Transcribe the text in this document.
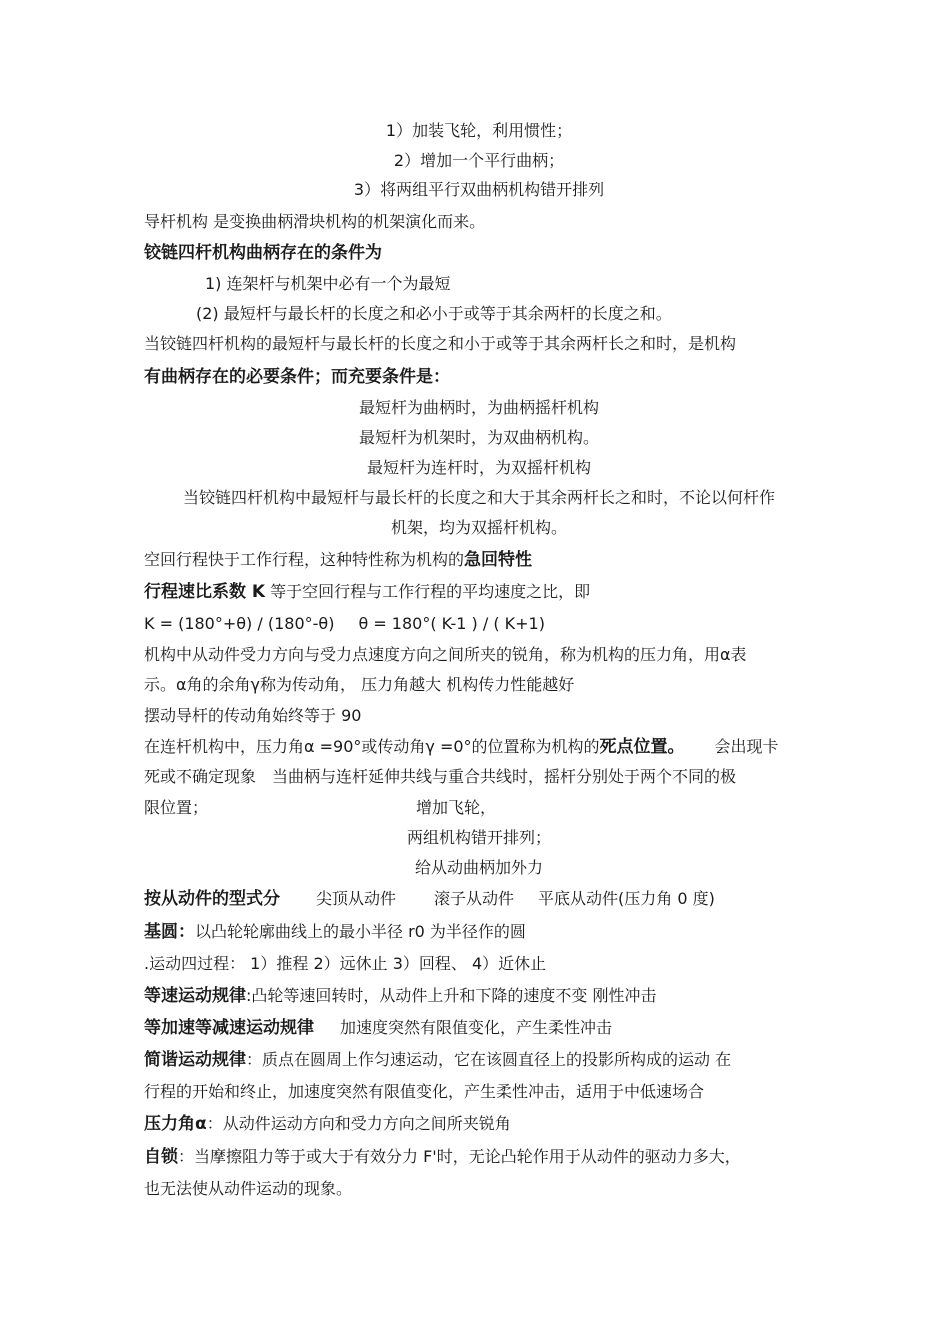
1）加装飞轮，利用惯性；
2）增加一个平行曲柄；
3）将两组平行双曲柄机构错开排列
导杆机构 是变换曲柄滑块机构的机架演化而来。
铰链四杆机构曲柄存在的条件为
1) 连架杆与机架中必有一个为最短
(2) 最短杆与最长杆的长度之和必小于或等于其余两杆的长度之和。
当铰链四杆机构的最短杆与最长杆的长度之和小于或等于其余两杆长之和时，是机构
有曲柄存在的必要条件；而充要条件是：
最短杆为曲柄时，为曲柄摇杆机构
最短杆为机架时，为双曲柄机构。
最短杆为连杆时，为双摇杆机构
当铰链四杆机构中最短杆与最长杆的长度之和大于其余两杆长之和时，不论以何杆作
机架，均为双摇杆机构。
空回行程快于工作行程，这种特性称为机构的急回特性
行程速比系数 K 等于空回行程与工作行程的平均速度之比，即
K = (180°+θ) / (180°-θ) θ = 180°( K-1 ) / ( K+1)
机构中从动件受力方向与受力点速度方向之间所夹的锐角，称为机构的压力角，用α表
示。α角的余角γ称为传动角， 压力角越大 机构传力性能越好
摆动导杆的传动角始终等于 90
在连杆机构中，压力角α =90°或传动角γ =0°的位置称为机构的死点位置。 会出现卡
死或不确定现象 当曲柄与连杆延伸共线与重合共线时，摇杆分别处于两个不同的极
限位置；	增加飞轮，
两组机构错开排列；
给从动曲柄加外力
按从动件的型式分 尖顶从动件 滚子从动件 平底从动件(压力角 0 度)
基圆：以凸轮轮廓曲线上的最小半径 r0 为半径作的圆
.运动四过程： 1）推程 2）远休止 3）回程、 4）近休止
等速运动规律:凸轮等速回转时，从动件上升和下降的速度不变 刚性冲击
等加速等减速运动规律 加速度突然有限值变化，产生柔性冲击
简谐运动规律：质点在圆周上作匀速运动，它在该圆直径上的投影所构成的运动 在
行程的开始和终止，加速度突然有限值变化，产生柔性冲击，适用于中低速场合
压力角α：从动件运动方向和受力方向之间所夹锐角
自锁：当摩擦阻力等于或大于有效分力 F'时，无论凸轮作用于从动件的驱动力多大，
也无法使从动件运动的现象。
